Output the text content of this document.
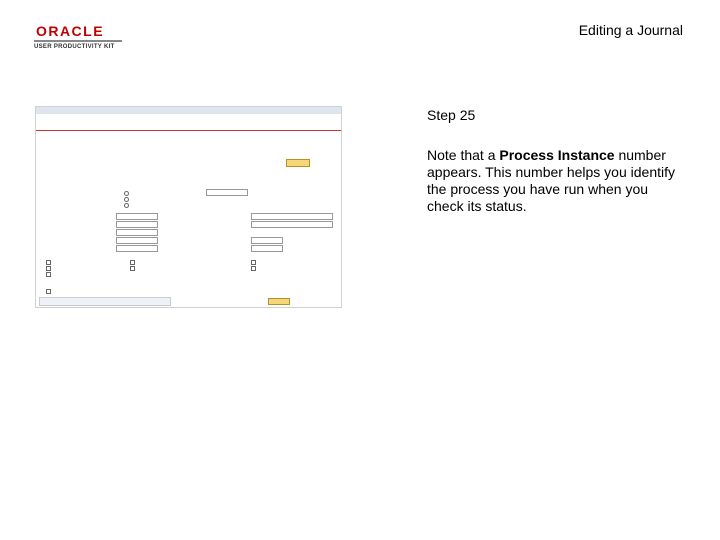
ORACLE
USER PRODUCTIVITY KIT
Editing a Journal
Step 25
Note that a Process Instance number appears. This number helps you identify the process you have run when you check its status.
